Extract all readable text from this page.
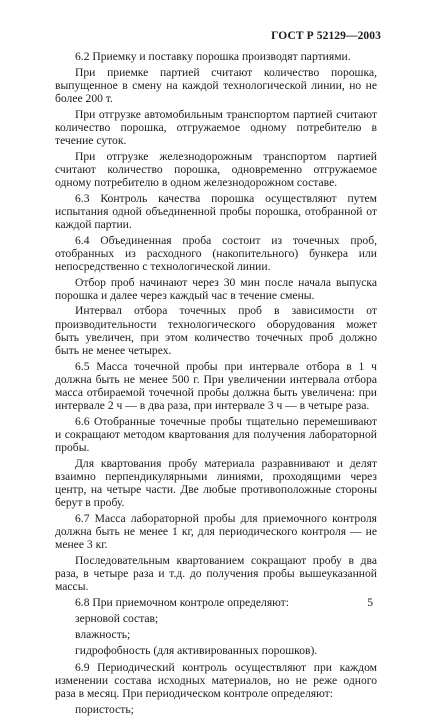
ГОСТ Р 52129—2003

6.2 Приемку и поставку порошка производят партиями.

При приемке партией считают количество порошка, выпущенное в смену на каждой технологической линии, но не более 200 т.

При отгрузке автомобильным транспортом партией считают количество порошка, отгружаемое одному потребителю в течение суток.

При отгрузке железнодорожным транспортом партией считают количество порошка, одновременно отгружаемое одному потребителю в одном железнодорожном составе.

6.3 Контроль качества порошка осуществляют путем испытания одной объединенной пробы порошка, отобранной от каждой партии.

6.4 Объединенная проба состоит из точечных проб, отобранных из расходного (накопительного) бункера или непосредственно с технологической линии.

Отбор проб начинают через 30 мин после начала выпуска порошка и далее через каждый час в течение смены.

Интервал отбора точечных проб в зависимости от производительности технологического оборудования может быть увеличен, при этом количество точечных проб должно быть не менее четырех.

6.5 Масса точечной пробы при интервале отбора в 1 ч должна быть не менее 500 г. При увеличении интервала отбора масса отбираемой точечной пробы должна быть увеличена: при интервале 2 ч — в два раза, при интервале 3 ч — в четыре раза.

6.6 Отобранные точечные пробы тщательно перемешивают и сокращают методом квартования для получения лабораторной пробы.

Для квартования пробу материала разравнивают и делят взаимно перпендикулярными линиями, проходящими через центр, на четыре части. Две любые противоположные стороны берут в пробу.

6.7 Масса лабораторной пробы для приемочного контроля должна быть не менее 1 кг, для периодического контроля — не менее 3 кг.

Последовательным квартованием сокращают пробу в два раза, в четыре раза и т.д. до получения пробы вышеуказанной массы.

6.8 При приемочном контроле определяют:

зерновой состав;

влажность;

гидрофобность (для активированных порошков).

6.9 Периодический контроль осуществляют при каждом изменении состава исходных материалов, но не реже одного раза в месяц. При периодическом контроле определяют:

пористость;

5
